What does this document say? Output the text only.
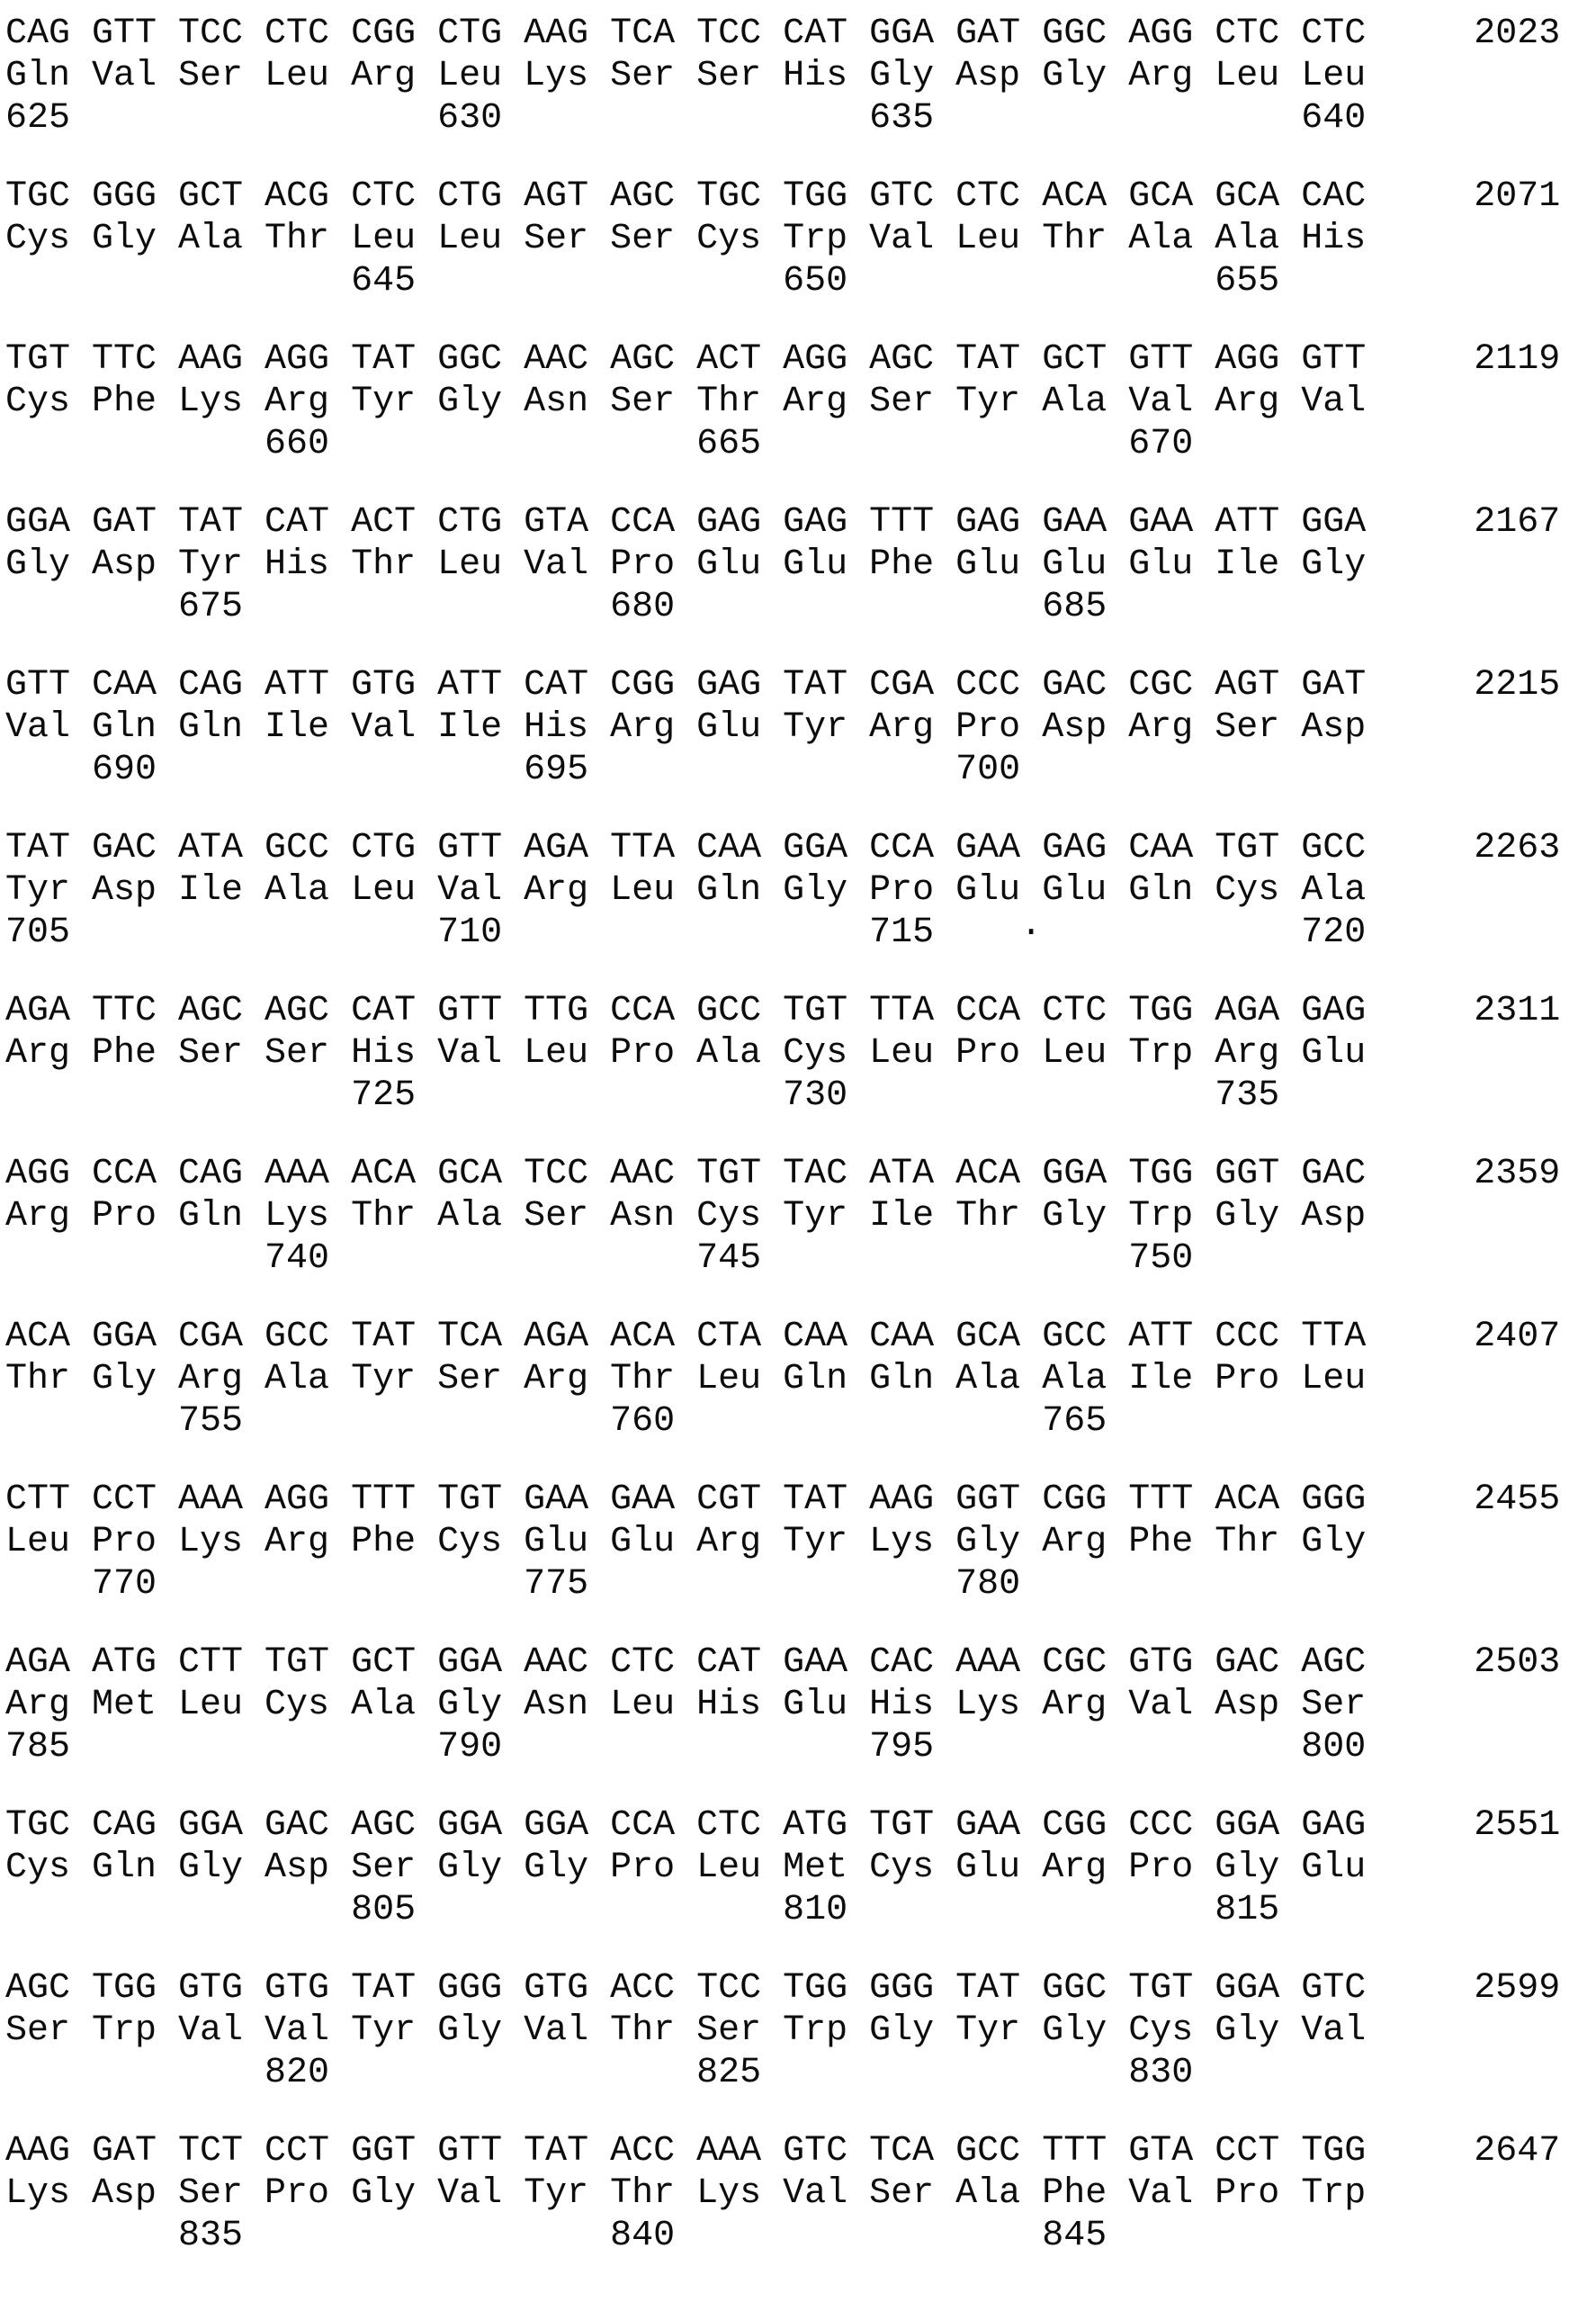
CAG GTT TCC CTC CGG CTG AAG TCA TCC CAT GGA GAT GGC AGG CTC CTC     2023
Gln Val Ser Leu Arg Leu Lys Ser Ser His Gly Asp Gly Arg Leu Leu
625                 630                 635                 640
TGC GGG GCT ACG CTC CTG AGT AGC TGC TGG GTC CTC ACA GCA GCA CAC     2071
Cys Gly Ala Thr Leu Leu Ser Ser Cys Trp Val Leu Thr Ala Ala His
645                 650                 655
TGT TTC AAG AGG TAT GGC AAC AGC ACT AGG AGC TAT GCT GTT AGG GTT     2119
Cys Phe Lys Arg Tyr Gly Asn Ser Thr Arg Ser Tyr Ala Val Arg Val
660                 665                 670
GGA GAT TAT CAT ACT CTG GTA CCA GAG GAG TTT GAG GAA GAA ATT GGA     2167
Gly Asp Tyr His Thr Leu Val Pro Glu Glu Phe Glu Glu Glu Ile Gly
675                 680                 685
GTT CAA CAG ATT GTG ATT CAT CGG GAG TAT CGA CCC GAC CGC AGT GAT     2215
Val Gln Gln Ile Val Ile His Arg Glu Tyr Arg Pro Asp Arg Ser Asp
690                 695                 700
TAT GAC ATA GCC CTG GTT AGA TTA CAA GGA CCA GAA GAG CAA TGT GCC     2263
Tyr Asp Ile Ala Leu Val Arg Leu Gln Gly Pro Glu Glu Gln Cys Ala
705                 710                 715    ·            720
AGA TTC AGC AGC CAT GTT TTG CCA GCC TGT TTA CCA CTC TGG AGA GAG     2311
Arg Phe Ser Ser His Val Leu Pro Ala Cys Leu Pro Leu Trp Arg Glu
725                 730                 735
AGG CCA CAG AAA ACA GCA TCC AAC TGT TAC ATA ACA GGA TGG GGT GAC     2359
Arg Pro Gln Lys Thr Ala Ser Asn Cys Tyr Ile Thr Gly Trp Gly Asp
740                 745                 750
ACA GGA CGA GCC TAT TCA AGA ACA CTA CAA CAA GCA GCC ATT CCC TTA     2407
Thr Gly Arg Ala Tyr Ser Arg Thr Leu Gln Gln Ala Ala Ile Pro Leu
755                 760                 765
CTT CCT AAA AGG TTT TGT GAA GAA CGT TAT AAG GGT CGG TTT ACA GGG     2455
Leu Pro Lys Arg Phe Cys Glu Glu Arg Tyr Lys Gly Arg Phe Thr Gly
770                 775                 780
AGA ATG CTT TGT GCT GGA AAC CTC CAT GAA CAC AAA CGC GTG GAC AGC     2503
Arg Met Leu Cys Ala Gly Asn Leu His Glu His Lys Arg Val Asp Ser
785                 790                 795                 800
TGC CAG GGA GAC AGC GGA GGA CCA CTC ATG TGT GAA CGG CCC GGA GAG     2551
Cys Gln Gly Asp Ser Gly Gly Pro Leu Met Cys Glu Arg Pro Gly Glu
805                 810                 815
AGC TGG GTG GTG TAT GGG GTG ACC TCC TGG GGG TAT GGC TGT GGA GTC     2599
Ser Trp Val Val Tyr Gly Val Thr Ser Trp Gly Tyr Gly Cys Gly Val
820                 825                 830
AAG GAT TCT CCT GGT GTT TAT ACC AAA GTC TCA GCC TTT GTA CCT TGG     2647
Lys Asp Ser Pro Gly Val Tyr Thr Lys Val Ser Ala Phe Val Pro Trp
835                 840                 845
